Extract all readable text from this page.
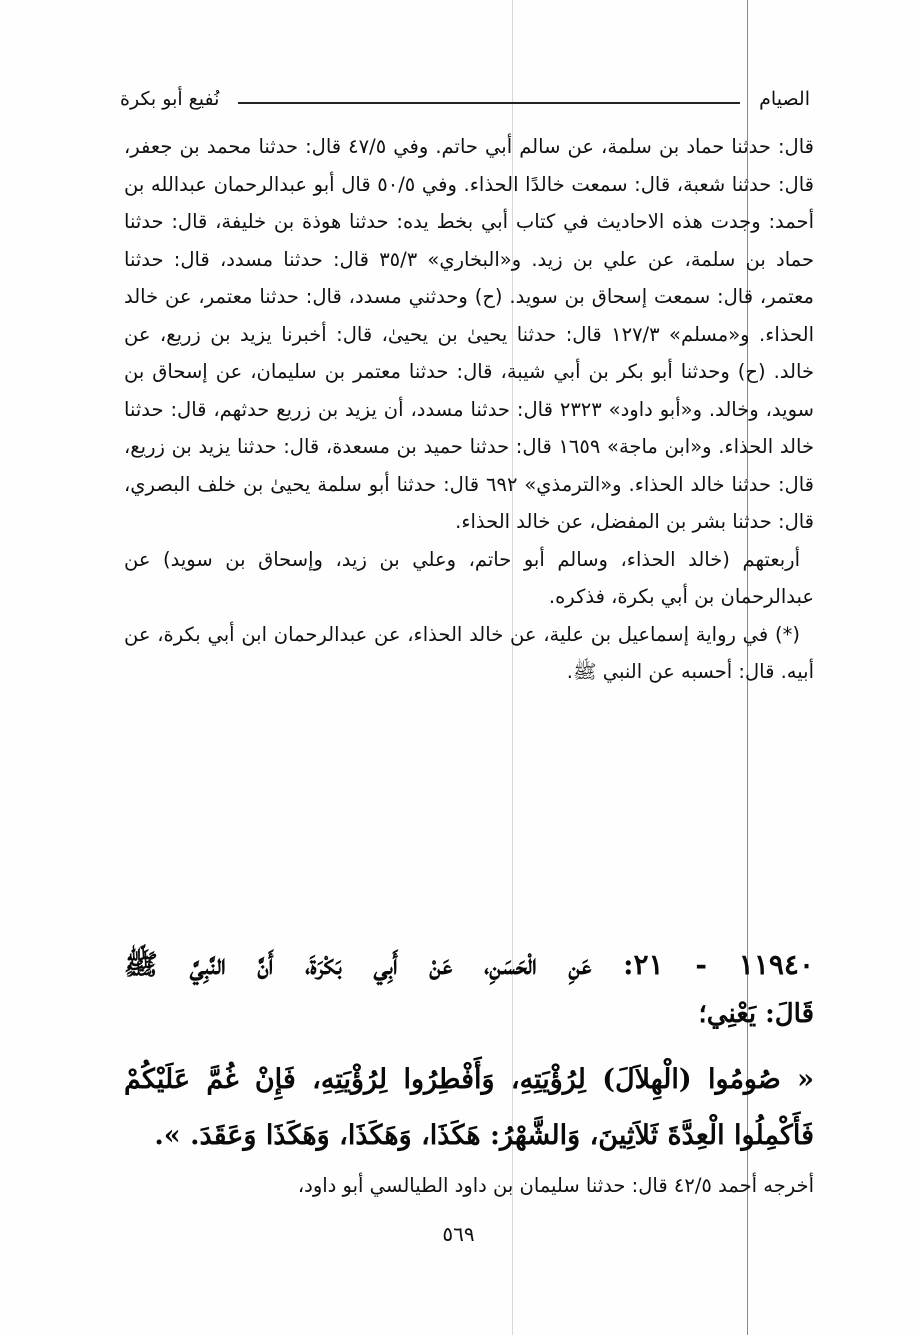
الصيام
نُفيع أبو بكرة

قال: حدثنا حماد بن سلمة، عن سالم أبي حاتم. وفي ٤٧/٥ قال: حدثنا محمد بن جعفر، قال: حدثنا شعبة، قال: سمعت خالدًا الحذاء. وفي ٥٠/٥ قال أبو عبدالرحمان عبدالله بن أحمد: وجدت هذه الاحاديث في كتاب أبي بخط يده: حدثنا هوذة بن خليفة، قال: حدثنا حماد بن سلمة، عن علي بن زيد. و«البخاري» ٣٥/٣ قال: حدثنا مسدد، قال: حدثنا معتمر، قال: سمعت إسحاق بن سويد. (ح) وحدثني مسدد، قال: حدثنا معتمر، عن خالد الحذاء. و«مسلم» ١٢٧/٣ قال: حدثنا يحيىٰ بن يحيىٰ، قال: أخبرنا يزيد بن زريع، عن خالد. (ح) وحدثنا أبو بكر بن أبي شيبة، قال: حدثنا معتمر بن سليمان، عن إسحاق بن سويد، وخالد. و«أبو داود» ٢٣٢٣ قال: حدثنا مسدد، أن يزيد بن زريع حدثهم، قال: حدثنا خالد الحذاء. و«ابن ماجة» ١٦٥٩ قال: حدثنا حميد بن مسعدة، قال: حدثنا يزيد بن زريع، قال: حدثنا خالد الحذاء. و«الترمذي» ٦٩٢ قال: حدثنا أبو سلمة يحيىٰ بن خلف البصري، قال: حدثنا بشر بن المفضل، عن خالد الحذاء.

أربعتهم (خالد الحذاء، وسالم أبو حاتم، وعلي بن زيد، وإسحاق بن سويد) عن عبدالرحمان بن أبي بكرة، فذكره.

(*) في رواية إسماعيل بن علية، عن خالد الحذاء، عن عبدالرحمان ابن أبي بكرة، عن أبيه. قال: أحسبه عن النبي ﷺ.

١١٩٤٠ - ٢١: عَنِ الْحَسَنِ، عَنْ أَبِي بَكْرَةَ، أَنَّ النَّبِيَّ ﷺ
قَالَ: يَعْنِي؛
« صُومُوا (الْهِلاَلَ) لِرُؤْيَتِهِ، وَأَفْطِرُوا لِرُؤْيَتِهِ، فَإِنْ غُمَّ عَلَيْكُمْ فَأَكْمِلُوا الْعِدَّةَ ثَلاَثِينَ، وَالشَّهْرُ: هَكَذَا، وَهَكَذَا، وَهَكَذَا وَعَقَدَ. ».
أخرجه أحمد ٤٢/٥ قال: حدثنا سليمان بن داود الطيالسي أبو داود،
٥٦٩
